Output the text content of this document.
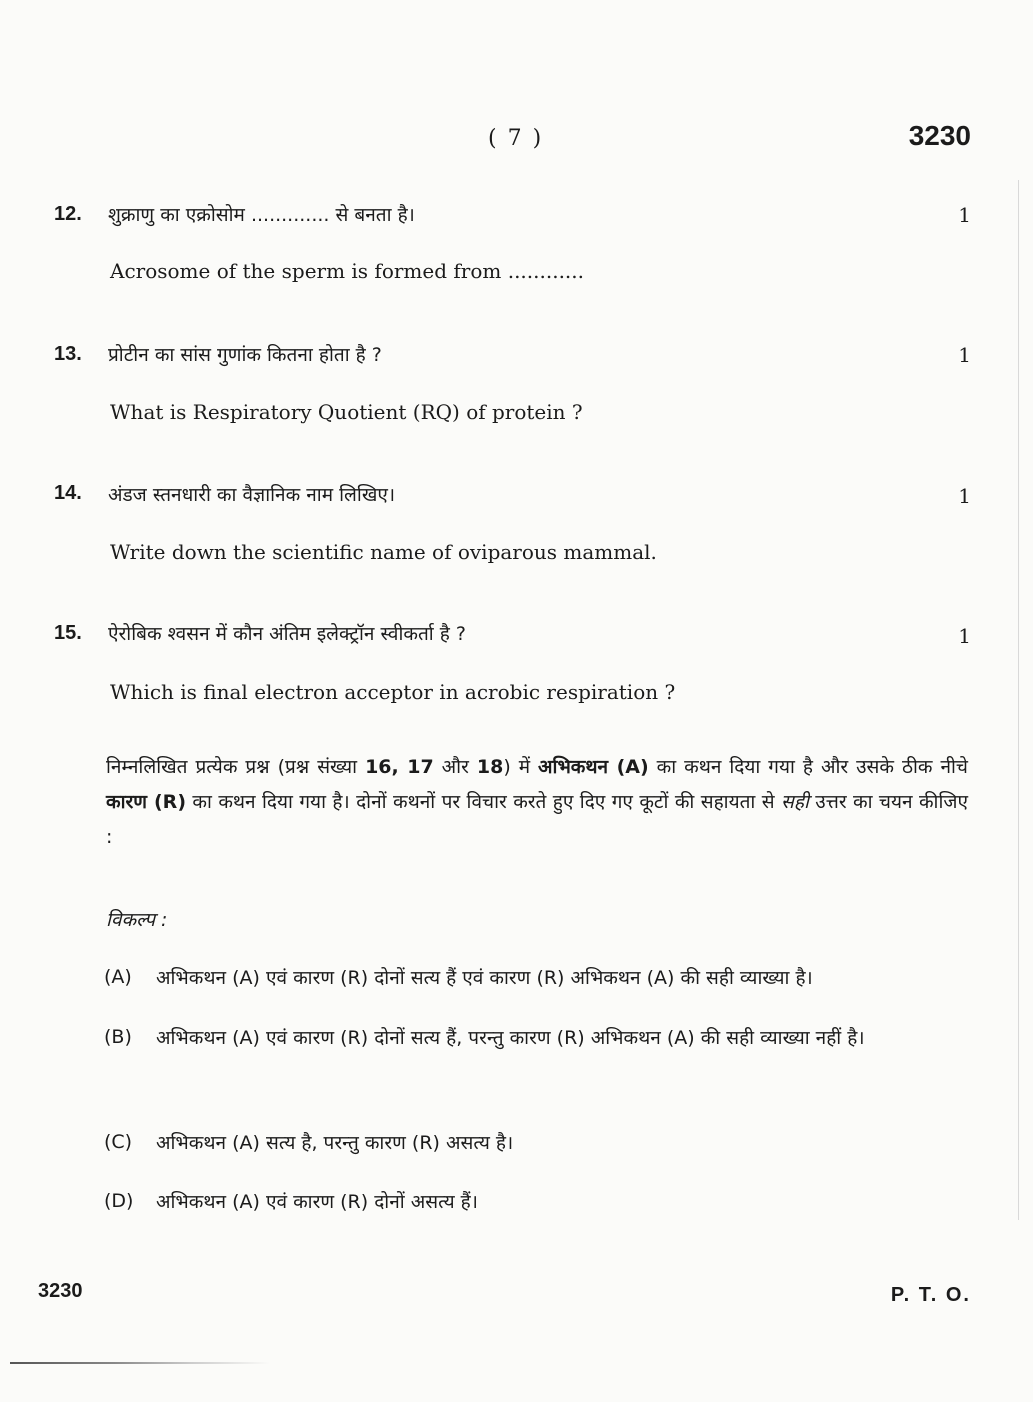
( 7 )	3230
12. शुक्राणु का एक्रोसोम ............. से बनता है।	1
Acrosome of the sperm is formed from ............
13. प्रोटीन का सांस गुणांक कितना होता है ?	1
What is Respiratory Quotient (RQ) of protein ?
14. अंडज स्तनधारी का वैज्ञानिक नाम लिखिए।	1
Write down the scientific name of oviparous mammal.
15. ऐरोबिक श्वसन में कौन अंतिम इलेक्ट्रॉन स्वीकर्ता है ?	1
Which is final electron acceptor in acrobic respiration ?
निम्नलिखित प्रत्येक प्रश्न (प्रश्न संख्या 16, 17 और 18) में अभिकथन (A) का कथन दिया गया है और उसके ठीक नीचे कारण (R) का कथन दिया गया है। दोनों कथनों पर विचार करते हुए दिए गए कूटों की सहायता से सही उत्तर का चयन कीजिए :
विकल्प :
(A) अभिकथन (A) एवं कारण (R) दोनों सत्य हैं एवं कारण (R) अभिकथन (A) की सही व्याख्या है।
(B) अभिकथन (A) एवं कारण (R) दोनों सत्य हैं, परन्तु कारण (R) अभिकथन (A) की सही व्याख्या नहीं है।
(C) अभिकथन (A) सत्य है, परन्तु कारण (R) असत्य है।
(D) अभिकथन (A) एवं कारण (R) दोनों असत्य हैं।
3230	P. T. O.
